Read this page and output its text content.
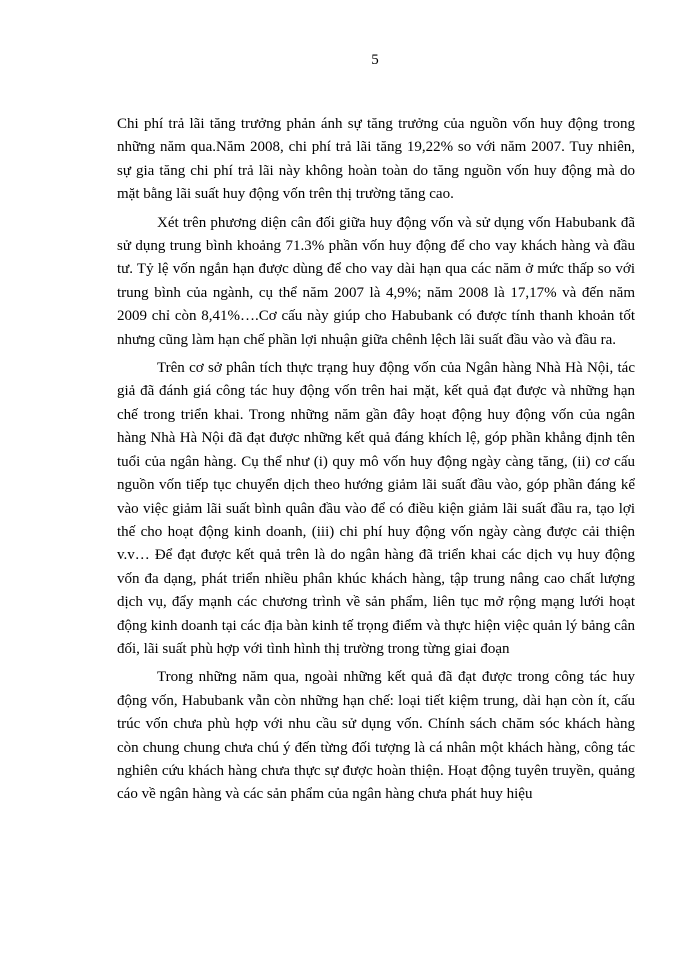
5

Chi phí trả lãi tăng trưởng phản ánh sự tăng trưởng của nguồn vốn huy động trong những năm qua.Năm 2008, chi phí trả lãi tăng 19,22% so với năm 2007. Tuy nhiên, sự gia tăng chi phí trả lãi này không hoàn toàn do tăng nguồn vốn huy động mà do mặt bằng lãi suất huy động vốn trên thị trường tăng cao.

Xét trên phương diện cân đối giữa huy động vốn và sử dụng vốn Habubank đã sử dụng trung bình khoảng 71.3% phần vốn huy động để cho vay khách hàng và đầu tư. Tỷ lệ vốn ngắn hạn được dùng để cho vay dài hạn qua các năm ở mức thấp so với trung bình của ngành, cụ thể năm 2007 là 4,9%; năm 2008 là 17,17% và đến năm 2009 chỉ còn 8,41%….Cơ cấu này giúp cho Habubank có được tính thanh khoản tốt nhưng cũng làm hạn chế phần lợi nhuận giữa chênh lệch lãi suất đầu vào và đầu ra.

Trên cơ sở phân tích thực trạng huy động vốn của Ngân hàng Nhà Hà Nội, tác giả đã đánh giá công tác huy động vốn trên hai mặt, kết quả đạt được và những hạn chế trong triển khai. Trong những năm gần đây hoạt động huy động vốn của ngân hàng Nhà Hà Nội đã đạt được những kết quả đáng khích lệ, góp phần khẳng định tên tuổi của ngân hàng. Cụ thể như (i) quy mô vốn huy động ngày càng tăng, (ii) cơ cấu nguồn vốn tiếp tục chuyển dịch theo hướng giảm lãi suất đầu vào, góp phần đáng kể vào việc giảm lãi suất bình quân đầu vào để có điều kiện giảm lãi suất đầu ra, tạo lợi thế cho hoạt động kinh doanh, (iii) chi phí huy động vốn ngày càng được cải thiện v.v… Để đạt được kết quả trên là do ngân hàng đã triển khai các dịch vụ huy động vốn đa dạng, phát triển nhiều phân khúc khách hàng, tập trung nâng cao chất lượng dịch vụ, đẩy mạnh các chương trình về sản phẩm, liên tục mở rộng mạng lưới hoạt động kinh doanh tại các địa bàn kinh tế trọng điểm và thực hiện việc quản lý bảng cân đối, lãi suất phù hợp với tình hình thị trường trong từng giai đoạn

Trong những năm qua, ngoài những kết quả đã đạt được trong công tác huy động vốn, Habubank vẫn còn những hạn chế: loại tiết kiệm trung, dài hạn còn ít, cấu trúc vốn chưa phù hợp với nhu cầu sử dụng vốn. Chính sách chăm sóc khách hàng còn chung chung chưa chú ý đến từng đối tượng là cá nhân một khách hàng, công tác nghiên cứu khách hàng chưa thực sự được hoàn thiện. Hoạt động tuyên truyền, quảng cáo về ngân hàng và các sản phẩm của ngân hàng chưa phát huy hiệu
